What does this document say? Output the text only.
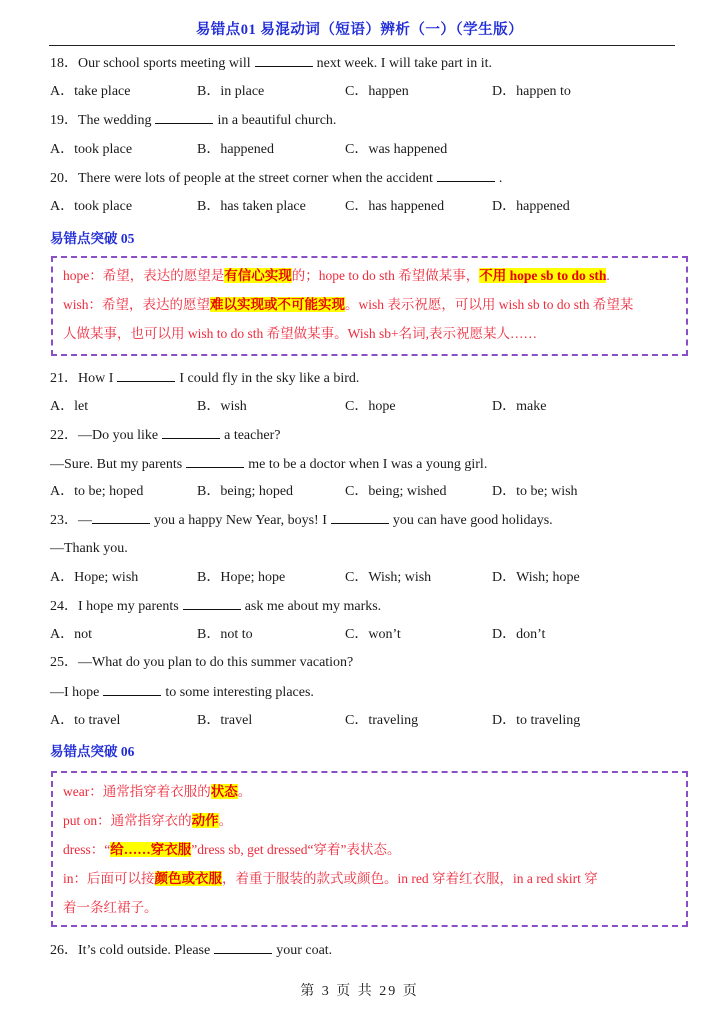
易错点01 易混动词（短语）辨析（一）（学生版）
18．Our school sports meeting will	next week. I will take part in it.
A．take place	B．in place	C．happen	D．happen to
19．The wedding	in a beautiful church.
A．took place	B．happened	C．was happened
20．There were lots of people at the street corner when the accident	.
A．took place	B．has taken place	C．has happened	D．happened
易错点突破 05
hope：希望，表达的愿望是有信心实现的；hope to do sth 希望做某事，不用 hope sb to do sth.
wish：希望，表达的愿望难以实现或不可能实现。wish 表示祝愿，可以用 wish sb to do sth 希望某
人做某事，也可以用 wish to do sth 希望做某事。Wish sb+名词,表示祝愿某人……
21．How I	I could fly in the sky like a bird.
A．let	B．wish	C．hope	D．make
22．—Do you like	a teacher?
—Sure. But my parents	me to be a doctor when I was a young girl.
A．to be; hoped	B．being; hoped	C．being; wished	D．to be; wish
23．—	you a happy New Year, boys! I	you can have good holidays.
—Thank you.
A．Hope; wish	B．Hope; hope	C．Wish; wish	D．Wish; hope
24．I hope my parents	ask me about my marks.
A．not	B．not to	C．won’t	D．don’t
25．—What do you plan to do this summer vacation?
—I hope	to some interesting places.
A．to travel	B．travel	C．traveling	D．to traveling
易错点突破 06
wear：通常指穿着衣服的状态。
put on：通常指穿衣的动作。
dress：“给……穿衣服”dress sb, get dressed“穿着”表状态。
in：后面可以接颜色或衣服，着重于服装的款式或颜色。in red 穿着红衣服，in a red skirt 穿
着一条红裙子。
26．It’s cold outside. Please	your coat.
第 3 页 共 29 页
